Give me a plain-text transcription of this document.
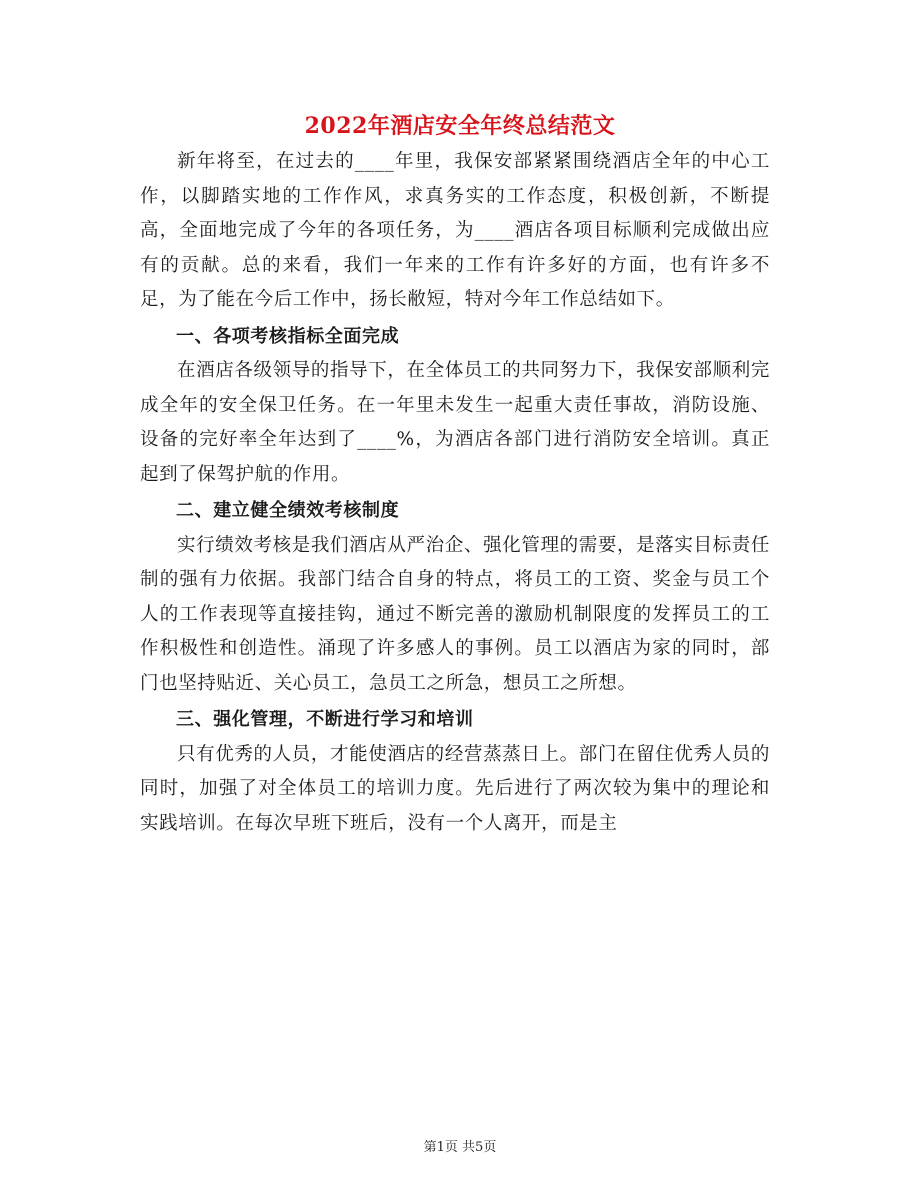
2022年酒店安全年终总结范文

新年将至，在过去的____年里，我保安部紧紧围绕酒店全年的中心工作，以脚踏实地的工作作风，求真务实的工作态度，积极创新，不断提高，全面地完成了今年的各项任务，为____酒店各项目标顺利完成做出应有的贡献。总的来看，我们一年来的工作有许多好的方面，也有许多不足，为了能在今后工作中，扬长敝短，特对今年工作总结如下。

一、各项考核指标全面完成

在酒店各级领导的指导下，在全体员工的共同努力下，我保安部顺利完成全年的安全保卫任务。在一年里未发生一起重大责任事故，消防设施、设备的完好率全年达到了____%，为酒店各部门进行消防安全培训。真正起到了保驾护航的作用。

二、建立健全绩效考核制度

实行绩效考核是我们酒店从严治企、强化管理的需要，是落实目标责任制的强有力依据。我部门结合自身的特点，将员工的工资、奖金与员工个人的工作表现等直接挂钩，通过不断完善的激励机制限度的发挥员工的工作积极性和创造性。涌现了许多感人的事例。员工以酒店为家的同时，部门也坚持贴近、关心员工，急员工之所急，想员工之所想。

三、强化管理，不断进行学习和培训

只有优秀的人员，才能使酒店的经营蒸蒸日上。部门在留住优秀人员的同时，加强了对全体员工的培训力度。先后进行了两次较为集中的理论和实践培训。在每次早班下班后，没有一个人离开，而是主

第1页 共5页
